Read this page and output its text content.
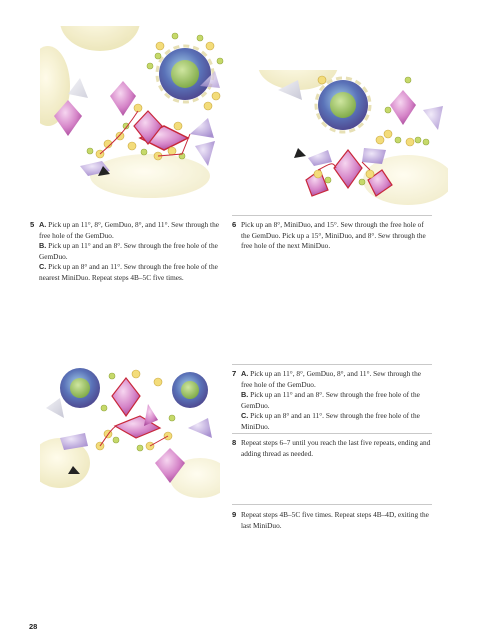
5 A. Pick up an 11°, 8°, GemDuo, 8°, and 11°. Sew through the free hole of the GemDuo.

B. Pick up an 11° and an 8°. Sew through the free hole of the GemDuo.

C. Pick up an 8° and an 11°. Sew through the free hole of the nearest MiniDuo. Repeat steps 4B–5C five times.

6 Pick up an 8°, MiniDuo, and 15°. Sew through the free hole of the GemDuo. Pick up a 15°, MiniDuo, and 8°. Sew through the free hole of the next MiniDuo.

7 A. Pick up an 11°, 8°, GemDuo, 8°, and 11°. Sew through the free hole of the GemDuo.

B. Pick up an 11° and an 8°. Sew through the free hole of the GemDuo.

C. Pick up an 8° and an 11°. Sew through the free hole of the MiniDuo.

8 Repeat steps 6–7 until you reach the last five repeats, ending and adding thread as needed.

9 Repeat steps 4B–5C five times. Repeat steps 4B–4D, exiting the last MiniDuo.

28
